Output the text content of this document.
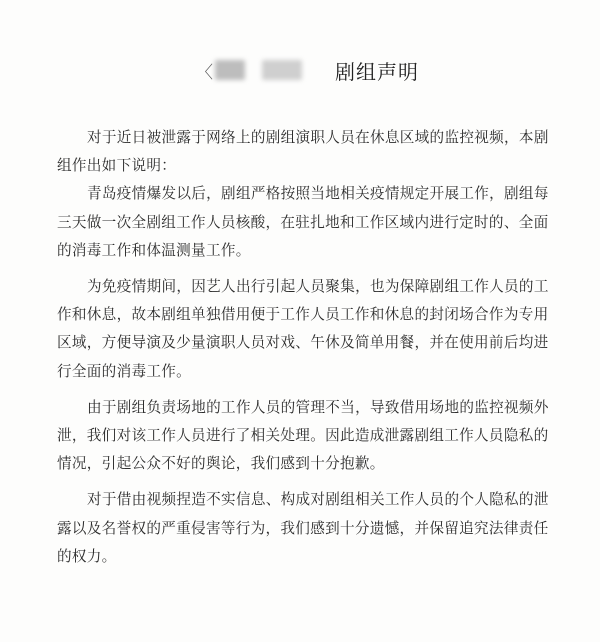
〈	剧组声明

对于近日被泄露于网络上的剧组演职人员在休息区域的监控视频，本剧组作出如下说明：

青岛疫情爆发以后，剧组严格按照当地相关疫情规定开展工作，剧组每三天做一次全剧组工作人员核酸，在驻扎地和工作区域内进行定时的、全面的消毒工作和体温测量工作。

为免疫情期间，因艺人出行引起人员聚集，也为保障剧组工作人员的工作和休息，故本剧组单独借用便于工作人员工作和休息的封闭场合作为专用区域，方便导演及少量演职人员对戏、午休及简单用餐，并在使用前后均进行全面的消毒工作。

由于剧组负责场地的工作人员的管理不当，导致借用场地的监控视频外泄，我们对该工作人员进行了相关处理。因此造成泄露剧组工作人员隐私的情况，引起公众不好的舆论，我们感到十分抱歉。

对于借由视频捏造不实信息、构成对剧组相关工作人员的个人隐私的泄露以及名誉权的严重侵害等行为，我们感到十分遗憾，并保留追究法律责任的权力。
